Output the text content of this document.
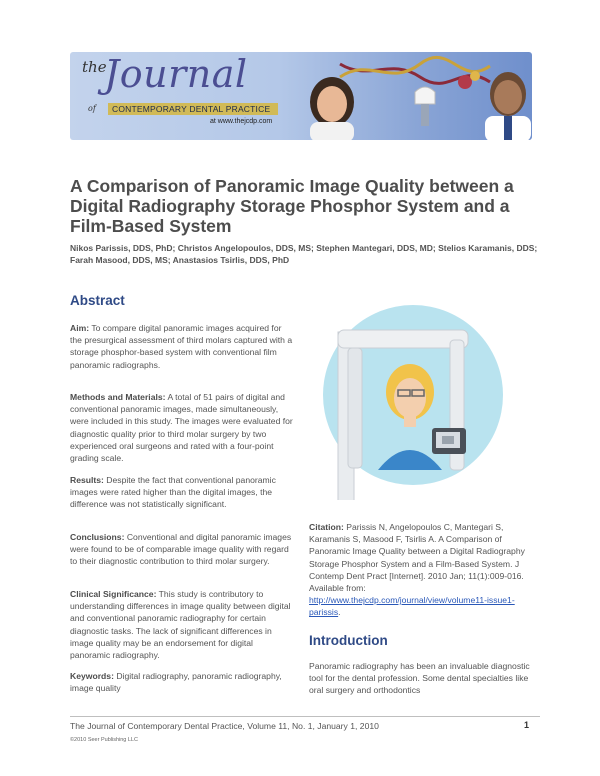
the
Journal
of	CONTEMPORARY DENTAL PRACTICE
at www.thejcdp.com
A Comparison of Panoramic Image Quality between a Digital Radiography Storage Phosphor System and a Film-Based System

Nikos Parissis, DDS, PhD; Christos Angelopoulos, DDS, MS; Stephen Mantegari, DDS, MD; Stelios Karamanis, DDS; Farah Masood, DDS, MS; Anastasios Tsirlis, DDS, PhD

Abstract

Aim: To compare digital panoramic images acquired for the presurgical assessment of third molars captured with a storage phosphor-based system with conventional film panoramic radiographs.

Methods and Materials: A total of 51 pairs of digital and conventional panoramic images, made simultaneously, were included in this study. The images were evaluated for diagnostic quality prior to third molar surgery by two experienced oral surgeons and rated with a four-point grading scale.

Results: Despite the fact that conventional panoramic images were rated higher than the digital images, the difference was not statistically significant.

Conclusions: Conventional and digital panoramic images were found to be of comparable image quality with regard to their diagnostic contribution to third molar surgery.

Clinical Significance: This study is contributory to understanding differences in image quality between digital and conventional panoramic radiography for certain diagnostic tasks. The lack of significant differences in image quality may be an endorsement for digital panoramic radiography.

Keywords: Digital radiography, panoramic radiography, image quality

Citation: Parissis N, Angelopoulos C, Mantegari S, Karamanis S, Masood F, Tsirlis A. A Comparison of Panoramic Image Quality between a Digital Radiography Storage Phosphor System and a Film-Based System. J Contemp Dent Pract [Internet]. 2010 Jan; 11(1):009-016. Available from: http://www.thejcdp.com/journal/view/volume11-issue1-parissis.

Introduction

Panoramic radiography has been an invaluable diagnostic tool for the dental profession. Some dental specialties like oral surgery and orthodontics

The Journal of Contemporary Dental Practice, Volume 11, No. 1, January 1, 2010	1
©2010 Seer Publishing LLC
